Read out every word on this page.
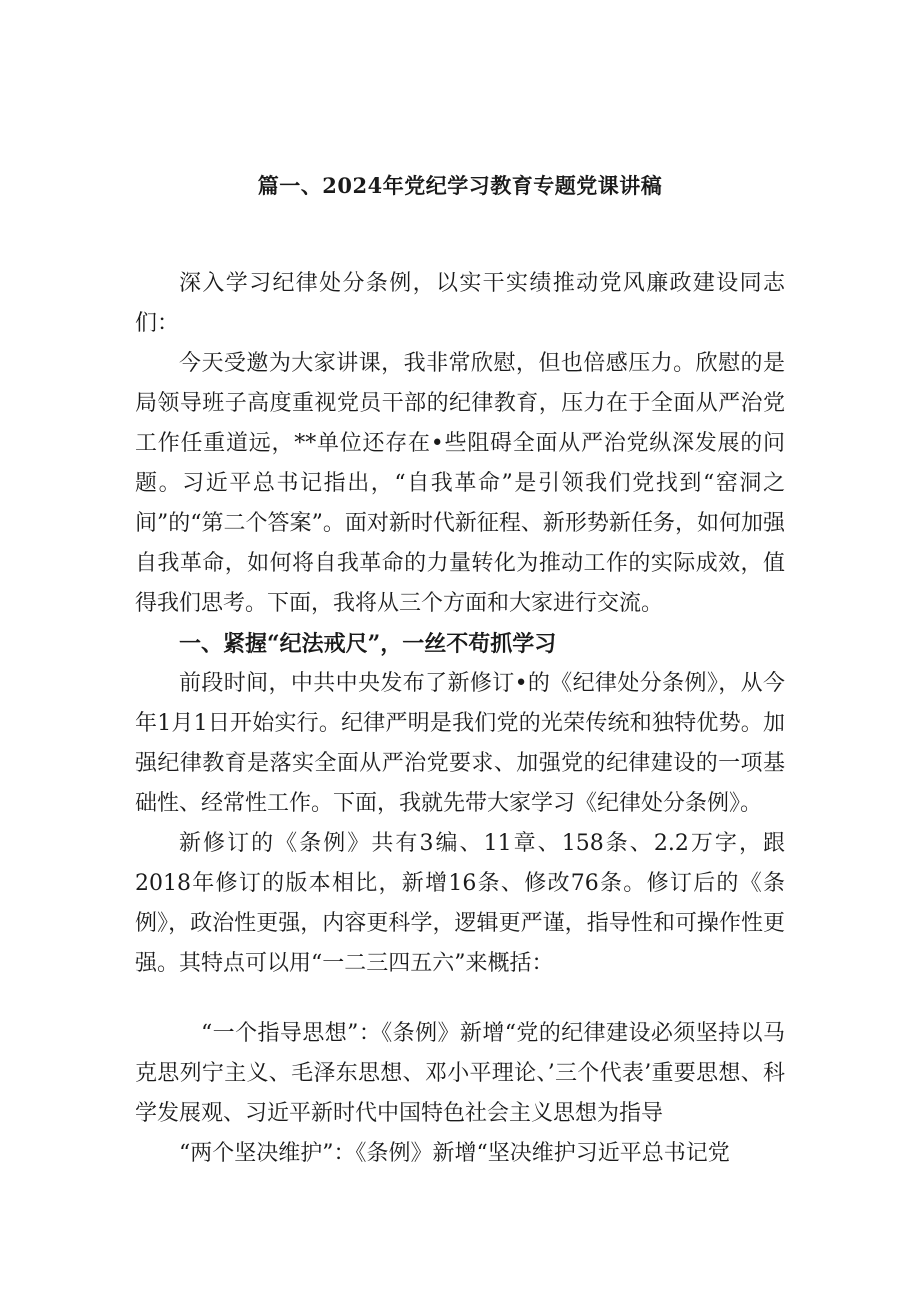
篇一、2024年党纪学习教育专题党课讲稿

深入学习纪律处分条例，以实干实绩推动党风廉政建设同志们：

今天受邀为大家讲课，我非常欣慰，但也倍感压力。欣慰的是局领导班子高度重视党员干部的纪律教育，压力在于全面从严治党工作任重道远，**单位还存在•些阻碍全面从严治党纵深发展的问题。习近平总书记指出，“自我革命”是引领我们党找到“窑洞之间”的“第二个答案”。面对新时代新征程、新形势新任务，如何加强自我革命，如何将自我革命的力量转化为推动工作的实际成效，值得我们思考。下面，我将从三个方面和大家进行交流。

一、紧握“纪法戒尺”，一丝不苟抓学习

前段时间，中共中央发布了新修订•的《纪律处分条例》，从今年1月1日开始实行。纪律严明是我们党的光荣传统和独特优势。加强纪律教育是落实全面从严治党要求、加强党的纪律建设的一项基础性、经常性工作。下面，我就先带大家学习《纪律处分条例》。

新修订的《条例》共有3编、11章、158条、2.2万字，跟2018年修订的版本相比，新增16条、修改76条。修订后的《条例》，政治性更强，内容更科学，逻辑更严谨，指导性和可操作性更强。其特点可以用“一二三四五六”来概括：

“一个指导思想”：《条例》新增“党的纪律建设必须坚持以马克思列宁主义、毛泽东思想、邓小平理论、’三个代表’重要思想、科学发展观、习近平新时代中国特色社会主义思想为指导

“两个坚决维护”：《条例》新增“坚决维护习近平总书记党
